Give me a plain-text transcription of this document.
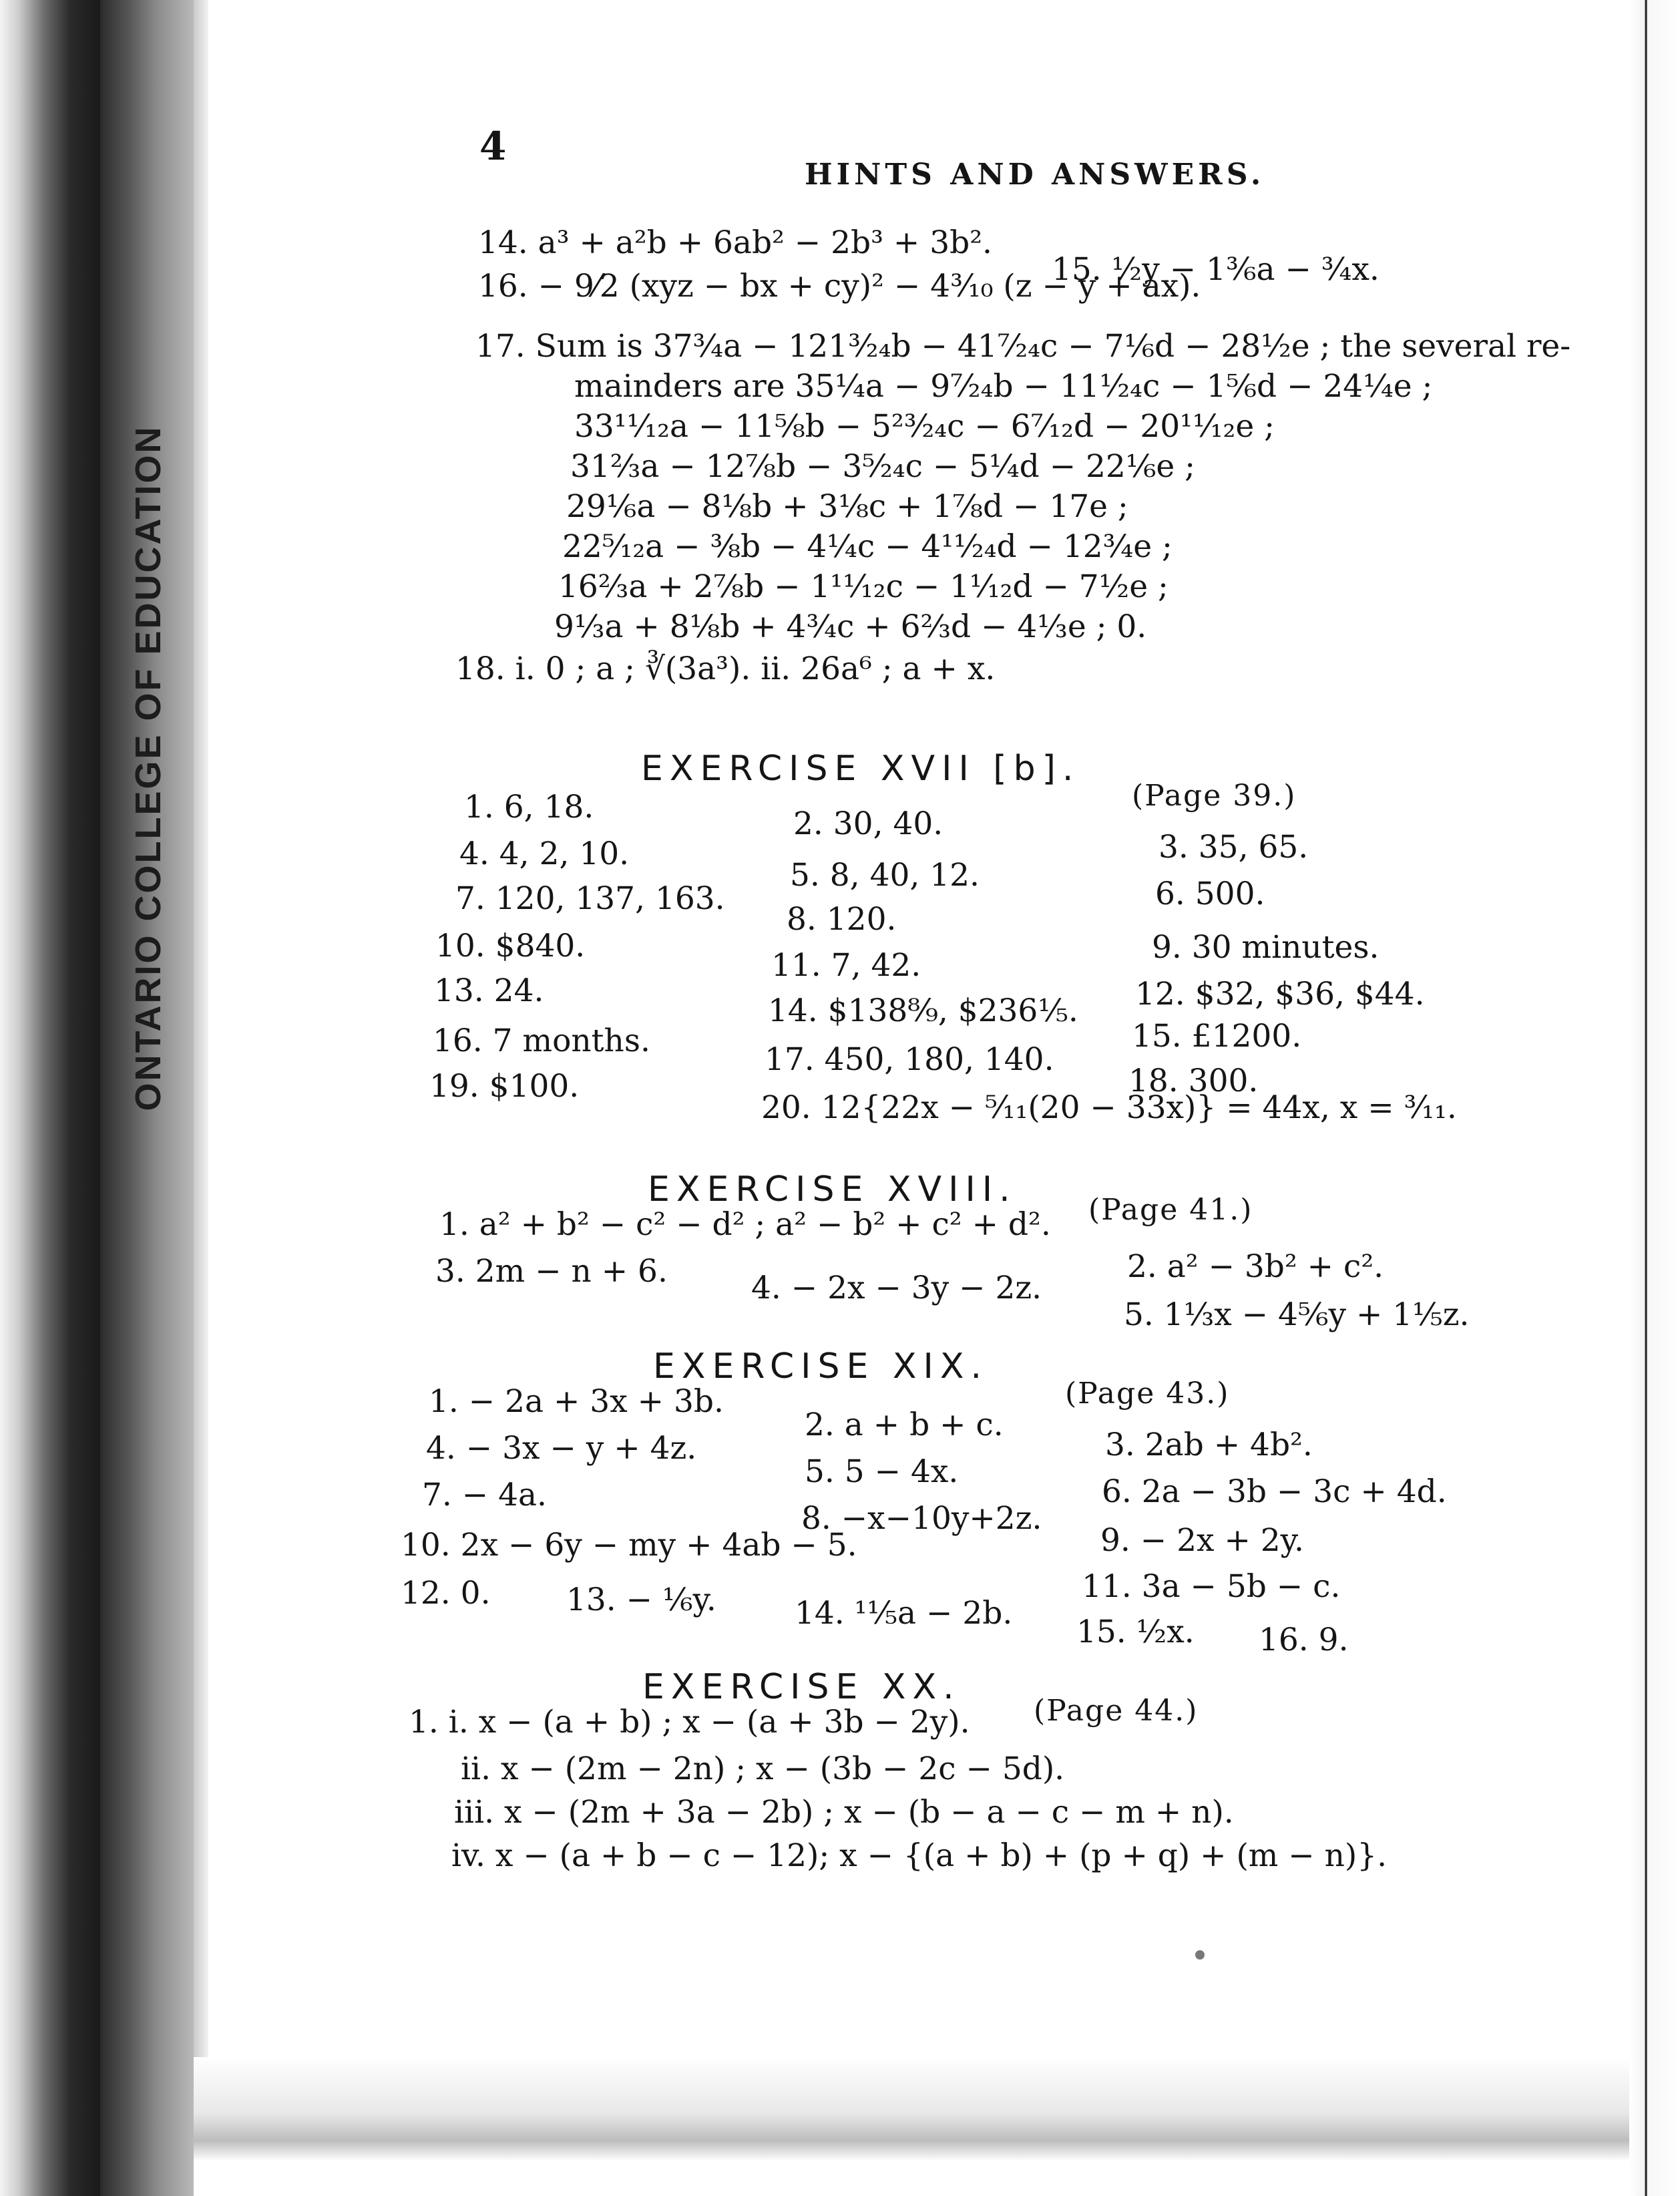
ONTARIO COLLEGE OF EDUCATION
4
HINTS AND ANSWERS.
14. a³ + a²b + 6ab² − 2b³ + 3b².
15. ½y − 1³⁄₆a − ¾x.
16. − 9⁄2 (xyz − bx + cy)² − 4³⁄₁₀ (z − y + ax).
17. Sum is 37¾a − 121³⁄₂₄b − 41⁷⁄₂₄c − 7⅙d − 28½e ; the several re-
mainders are 35¼a − 9⁷⁄₂₄b − 11¹⁄₂₄c − 1⅚d − 24¼e ;
33¹¹⁄₁₂a − 11⅝b − 5²³⁄₂₄c − 6⁷⁄₁₂d − 20¹¹⁄₁₂e ;
31⅔a − 12⅞b − 3⁵⁄₂₄c − 5¼d − 22⅙e ;
29⅙a − 8⅛b + 3⅛c + 1⅞d − 17e ;
22⁵⁄₁₂a − ⅜b − 4¼c − 4¹¹⁄₂₄d − 12¾e ;
16⅔a + 2⅞b − 1¹¹⁄₁₂c − 1¹⁄₁₂d − 7½e ;
9⅓a + 8⅛b + 4¾c + 6⅔d − 4⅓e ; 0.
18. i. 0 ; a ; ∛(3a³). ii. 26a⁶ ; a + x.
EXERCISE XVII [b].
(Page 39.)
1. 6, 18.	2. 30, 40.
3. 35, 65.
4. 4, 2, 10.
5. 8, 40, 12.
6. 500.
7. 120, 137, 163.
8. 120.
9. 30 minutes.
10. $840.
11. 7, 42.
12. $32, $36, $44.
13. 24.
14. $138⁸⁄₉, $236⅕.
15. £1200.
16. 7 months.
17. 450, 180, 140.
18. 300.
19. $100.
20. 12{22x − ⁵⁄₁₁(20 − 33x)} = 44x, x = ³⁄₁₁.
EXERCISE XVIII.
(Page 41.)
1. a² + b² − c² − d² ; a² − b² + c² + d².
2. a² − 3b² + c².
3. 2m − n + 6.	4. − 2x − 3y − 2z.
5. 1⅓x − 4⅚y + 1⅕z.
EXERCISE XIX.
(Page 43.)
1. − 2a + 3x + 3b.
2. a + b + c.
3. 2ab + 4b².
4. − 3x − y + 4z.
5. 5 − 4x.
6. 2a − 3b − 3c + 4d.
7. − 4a.
8. −x−10y+2z.
9. − 2x + 2y.
10. 2x − 6y − my + 4ab − 5.
11. 3a − 5b − c.
12. 0. 13. − ⅙y. 14. ¹¹⁄₅a − 2b.
15. ½x. 16. 9.
EXERCISE XX.
(Page 44.)
1. i. x − (a + b) ; x − (a + 3b − 2y).
ii. x − (2m − 2n) ; x − (3b − 2c − 5d).
iii. x − (2m + 3a − 2b) ; x − (b − a − c − m + n).
iv. x − (a + b − c − 12); x − {(a + b) + (p + q) + (m − n)}.
